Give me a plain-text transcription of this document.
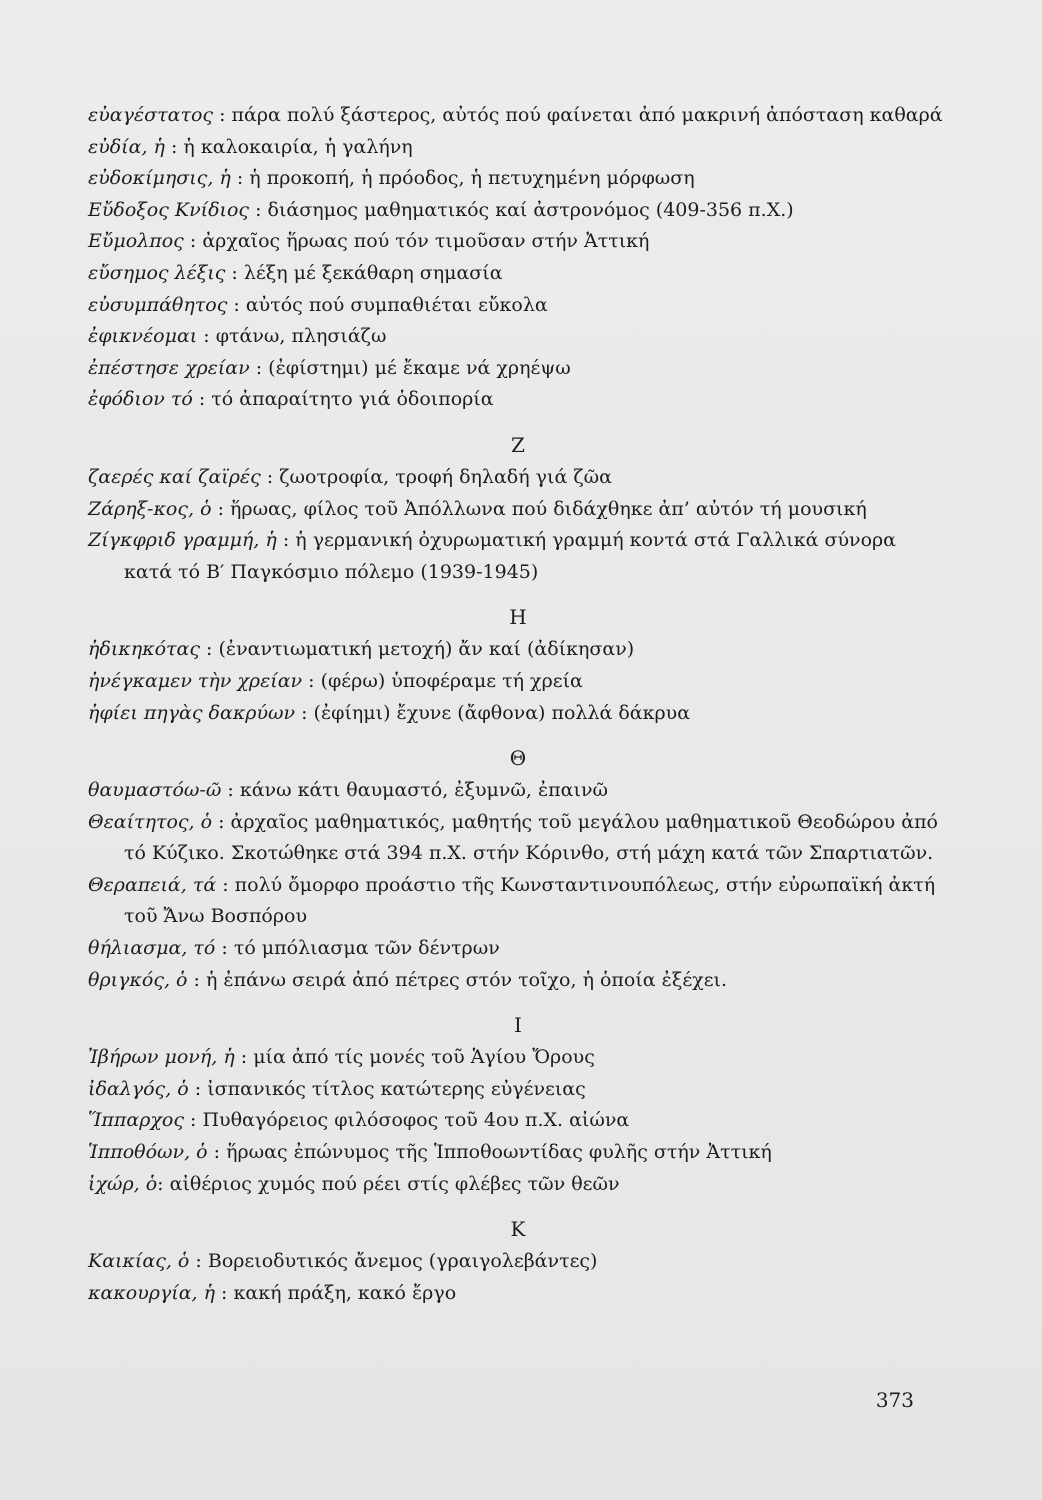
εὐαγέστατος : πάρα πολύ ξάστερος, αὐτός πού φαίνεται ἀπό μακρινή ἀπόσταση καθαρά

εὐδία, ἡ : ἡ καλοκαιρία, ἡ γαλήνη

εὐδοκίμησις, ἡ : ἡ προκοπή, ἡ πρόοδος, ἡ πετυχημένη μόρφωση

Εὔδοξος Κνίδιος : διάσημος μαθηματικός καί ἀστρονόμος (409-356 π.Χ.)

Εὔμολπος : ἀρχαῖος ἥρωας πού τόν τιμοῦσαν στήν Ἀττική

εὔσημος λέξις : λέξη μέ ξεκάθαρη σημασία

εὐσυμπάθητος : αὐτός πού συμπαθιέται εὔκολα

ἐφικνέομαι : φτάνω, πλησιάζω

ἐπέστησε χρείαν : (ἐφίστημι) μέ ἔκαμε νά χρηέψω

ἐφόδιον τό : τό ἀπαραίτητο γιά ὁδοιπορία

Ζ

ζαερές καί ζαϊρές : ζωοτροφία, τροφή δηλαδή γιά ζῶα

Ζάρηξ-κος, ὁ : ἥρωας, φίλος τοῦ Ἀπόλλωνα πού διδάχθηκε ἀπ’ αὐτόν τή μουσική

Ζίγκφριδ γραμμή, ἡ : ἡ γερμανική ὀχυρωματική γραμμή κοντά στά Γαλλικά σύνορα κατά τό Β′ Παγκόσμιο πόλεμο (1939-1945)

Η

ἠδικηκότας : (ἐναντιωματική μετοχή) ἄν καί (ἀδίκησαν)

ἠνέγκαμεν τὴν χρείαν : (φέρω) ὑποφέραμε τή χρεία

ἠφίει πηγὰς δακρύων : (ἐφίημι) ἔχυνε (ἄφθονα) πολλά δάκρυα

Θ

θαυμαστόω-ῶ : κάνω κάτι θαυμαστό, ἐξυμνῶ, ἐπαινῶ

Θεαίτητος, ὁ : ἀρχαῖος μαθηματικός, μαθητής τοῦ μεγάλου μαθηματικοῦ Θεοδώρου ἀπό τό Κύζικο. Σκοτώθηκε στά 394 π.Χ. στήν Κόρινθο, στή μάχη κατά τῶν Σπαρτιατῶν.

Θεραπειά, τά : πολύ ὄμορφο προάστιο τῆς Κωνσταντινουπόλεως, στήν εὐρωπαϊκή ἀκτή τοῦ Ἄνω Βοσπόρου

θήλιασμα, τό : τό μπόλιασμα τῶν δέντρων

θριγκός, ὁ : ἡ ἐπάνω σειρά ἀπό πέτρες στόν τοῖχο, ἡ ὁποία ἐξέχει.

Ι

Ἰβήρων μονή, ἡ : μία ἀπό τίς μονές τοῦ Ἁγίου Ὄρους

ἰδαλγός, ὁ : ἰσπανικός τίτλος κατώτερης εὐγένειας

Ἵππαρχος : Πυθαγόρειος φιλόσοφος τοῦ 4ου π.Χ. αἰώνα

Ἱπποθόων, ὁ : ἥρωας ἐπώνυμος τῆς Ἱπποθοωντίδας φυλῆς στήν Ἀττική

ἰχώρ, ὁ: αἰθέριος χυμός πού ρέει στίς φλέβες τῶν θεῶν

Κ

Καικίας, ὁ : Βορειοδυτικός ἄνεμος (γραιγολεβάντες)

κακουργία, ἡ : κακή πράξη, κακό ἔργο

373
